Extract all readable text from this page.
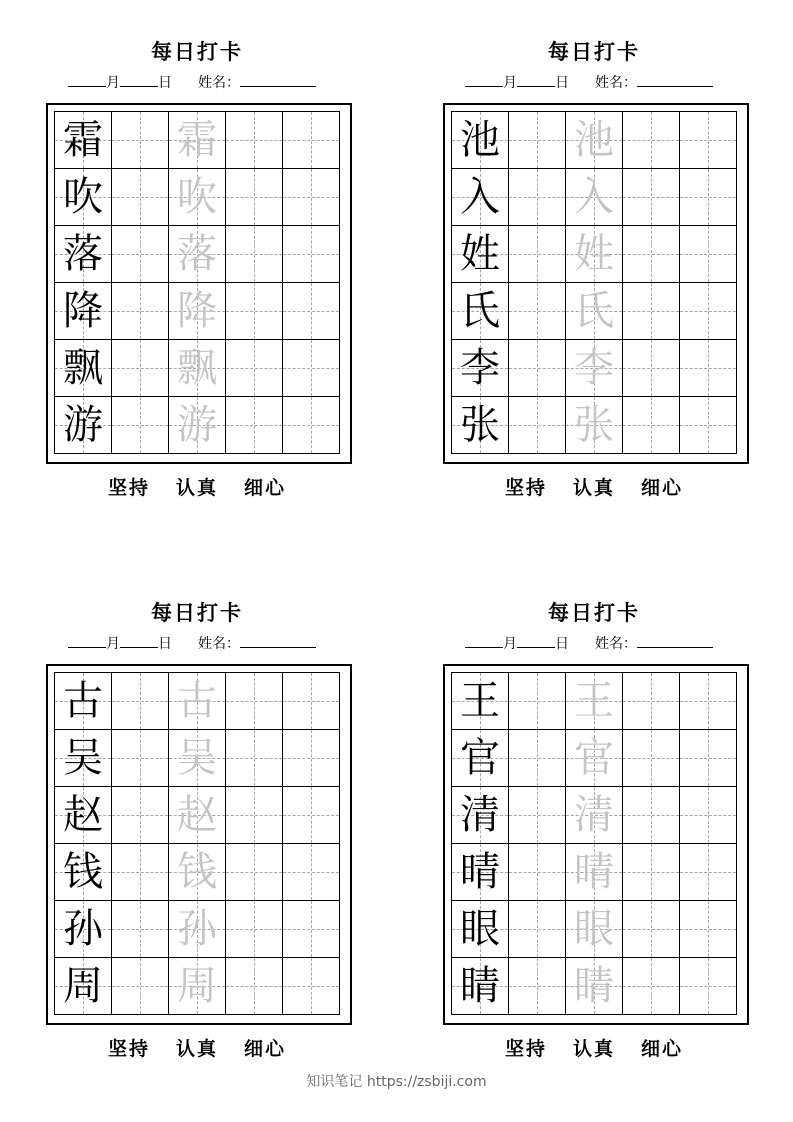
每日打卡
月	日 姓名：
霜 霜
吹 吹
落 落
降 降
飘 飘
游 游
坚持 认真 细心
每日打卡
月	日 姓名：
池 池
入 入
姓 姓
氏 氏
李 李
张 张
坚持 认真 细心
每日打卡
月	日 姓名：
古 古
吴 吴
赵 赵
钱 钱
孙 孙
周 周
坚持 认真 细心
每日打卡
月	日 姓名：
王 王
官 官
清 清
晴 晴
眼 眼
睛 睛
坚持 认真 细心
知识笔记 https://zsbiji.com
